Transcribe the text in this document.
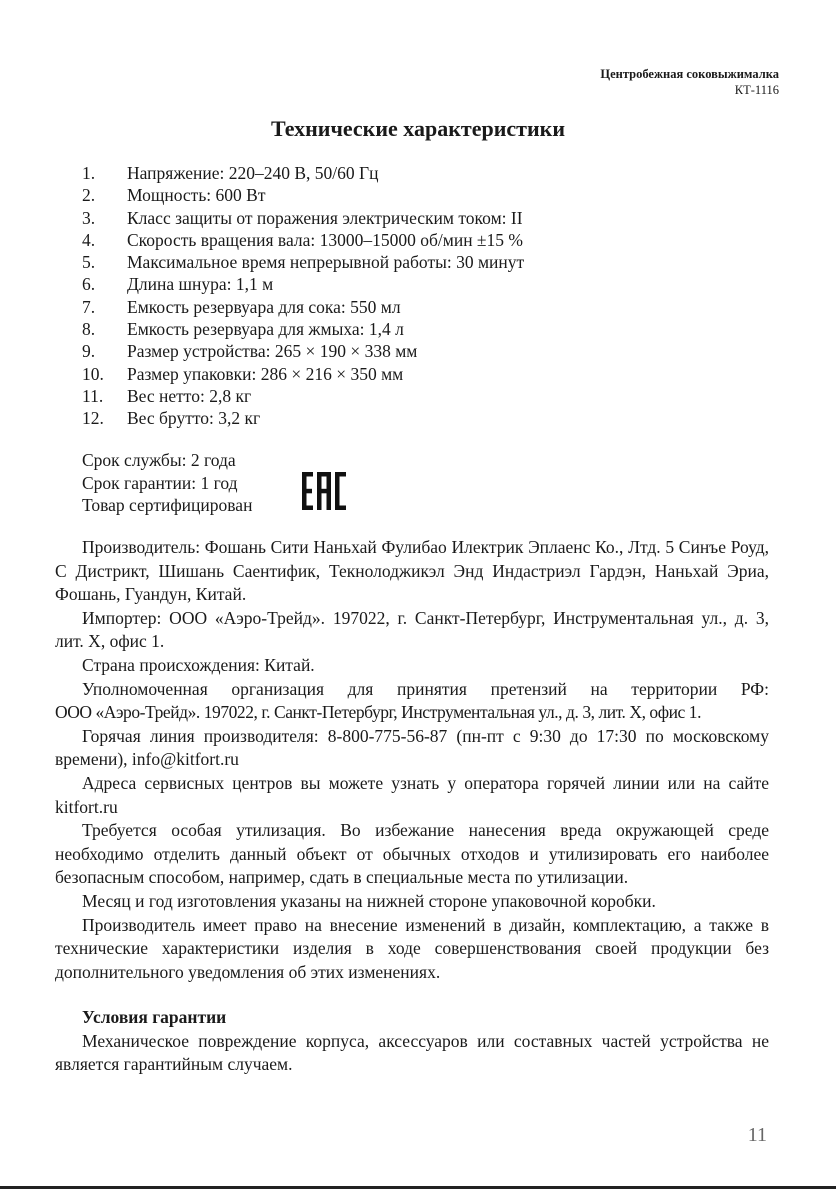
Центробежная соковыжималка
КТ-1116
Технические характеристики
1.	Напряжение: 220–240 В, 50/60 Гц
2.	Мощность: 600 Вт
3.	Класс защиты от поражения электрическим током: II
4.	Скорость вращения вала: 13000–15000 об/мин ±15 %
5.	Максимальное время непрерывной работы: 30 минут
6.	Длина шнура: 1,1 м
7.	Емкость резервуара для сока: 550 мл
8.	Емкость резервуара для жмыха: 1,4 л
9.	Размер устройства: 265 × 190 × 338 мм
10.	Размер упаковки: 286 × 216 × 350 мм
11.	Вес нетто: 2,8 кг
12.	Вес брутто: 3,2 кг
Срок службы: 2 года
Срок гарантии: 1 год
Товар сертифицирован

Производитель: Фошань Сити Наньхай Фулибао Илектрик Эплаенс Ко., Лтд. 5 Синъе Роуд, С Дистрикт, Шишань Саентифик, Текнолоджикэл Энд Индастриэл Гардэн, Наньхай Эриа, Фошань, Гуандун, Китай.

Импортер: ООО «Аэро-Трейд». 197022, г. Санкт-Петербург, Инструментальная ул., д. 3, лит. Х, офис 1.

Страна происхождения: Китай.

Уполномоченная организация для принятия претензий на территории РФ:

ООО «Аэро-Трейд». 197022, г. Санкт-Петербург, Инструментальная ул., д. 3, лит. Х, офис 1.

Горячая линия производителя: 8-800-775-56-87 (пн-пт с 9:30 до 17:30 по московскому времени), info@kitfort.ru

Адреса сервисных центров вы можете узнать у оператора горячей линии или на сайте kitfort.ru

Требуется особая утилизация. Во избежание нанесения вреда окружающей среде необходимо отделить данный объект от обычных отходов и утилизировать его наиболее безопасным способом, например, сдать в специальные места по утилизации.

Месяц и год изготовления указаны на нижней стороне упаковочной коробки.

Производитель имеет право на внесение изменений в дизайн, комплектацию, а также в технические характеристики изделия в ходе совершенствования своей продукции без дополнительного уведомления об этих изменениях.

Условия гарантии

Механическое повреждение корпуса, аксессуаров или составных частей устройства не является гарантийным случаем.

11
